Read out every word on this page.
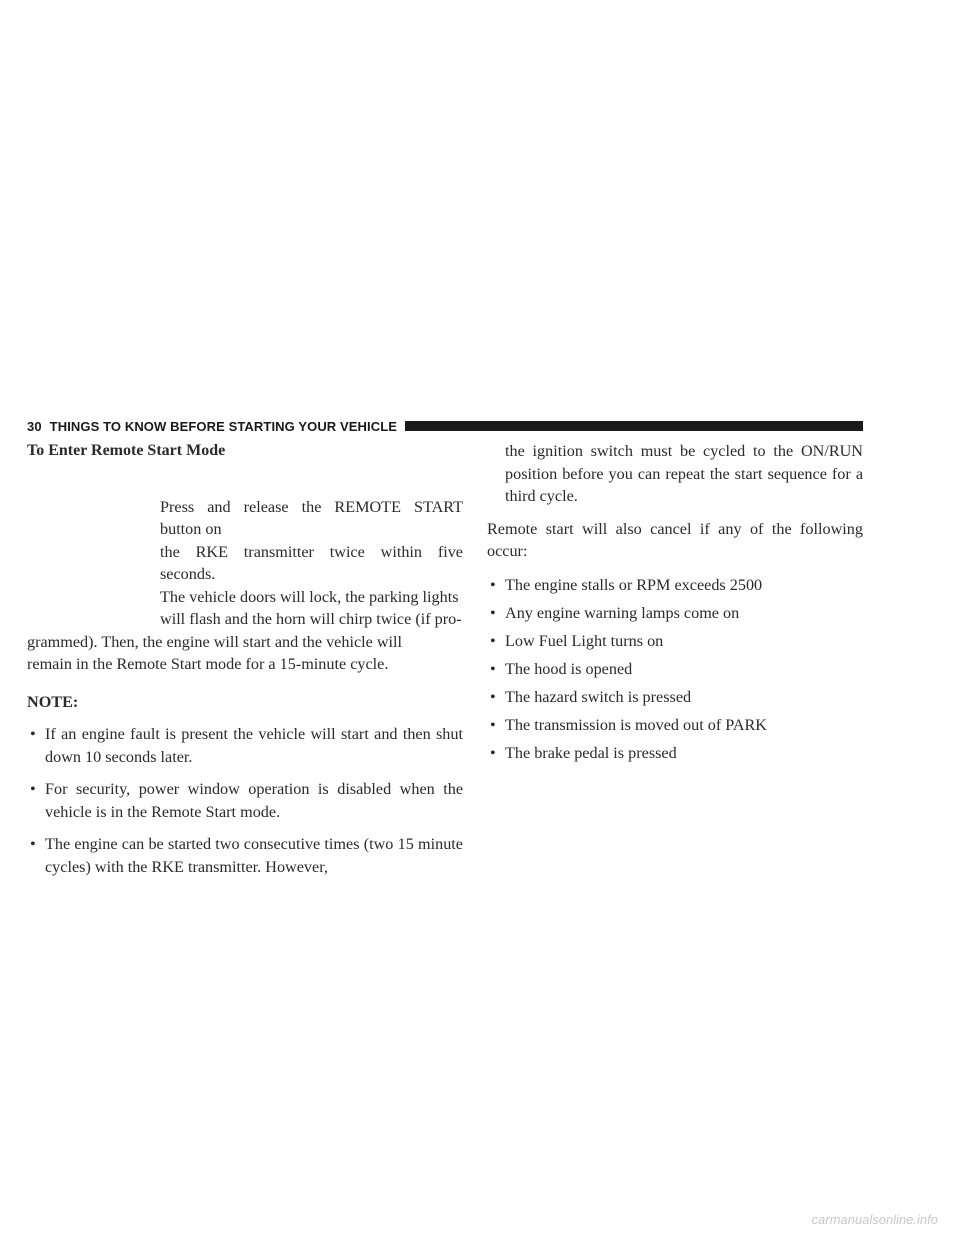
30 THINGS TO KNOW BEFORE STARTING YOUR VEHICLE
To Enter Remote Start Mode
Press and release the REMOTE START button on
the RKE transmitter twice within five seconds.
The vehicle doors will lock, the parking lights
will flash and the horn will chirp twice (if pro-
grammed). Then, the engine will start and the vehicle will
remain in the Remote Start mode for a 15-minute cycle.
NOTE:
• If an engine fault is present the vehicle will start and then shut down 10 seconds later.
• For security, power window operation is disabled when the vehicle is in the Remote Start mode.
• The engine can be started two consecutive times (two 15 minute cycles) with the RKE transmitter. However,

the ignition switch must be cycled to the ON/RUN position before you can repeat the start sequence for a third cycle.

Remote start will also cancel if any of the following occur:

• The engine stalls or RPM exceeds 2500
• Any engine warning lamps come on
• Low Fuel Light turns on
• The hood is opened
• The hazard switch is pressed
• The transmission is moved out of PARK
• The brake pedal is pressed
carmanualsonline.info
